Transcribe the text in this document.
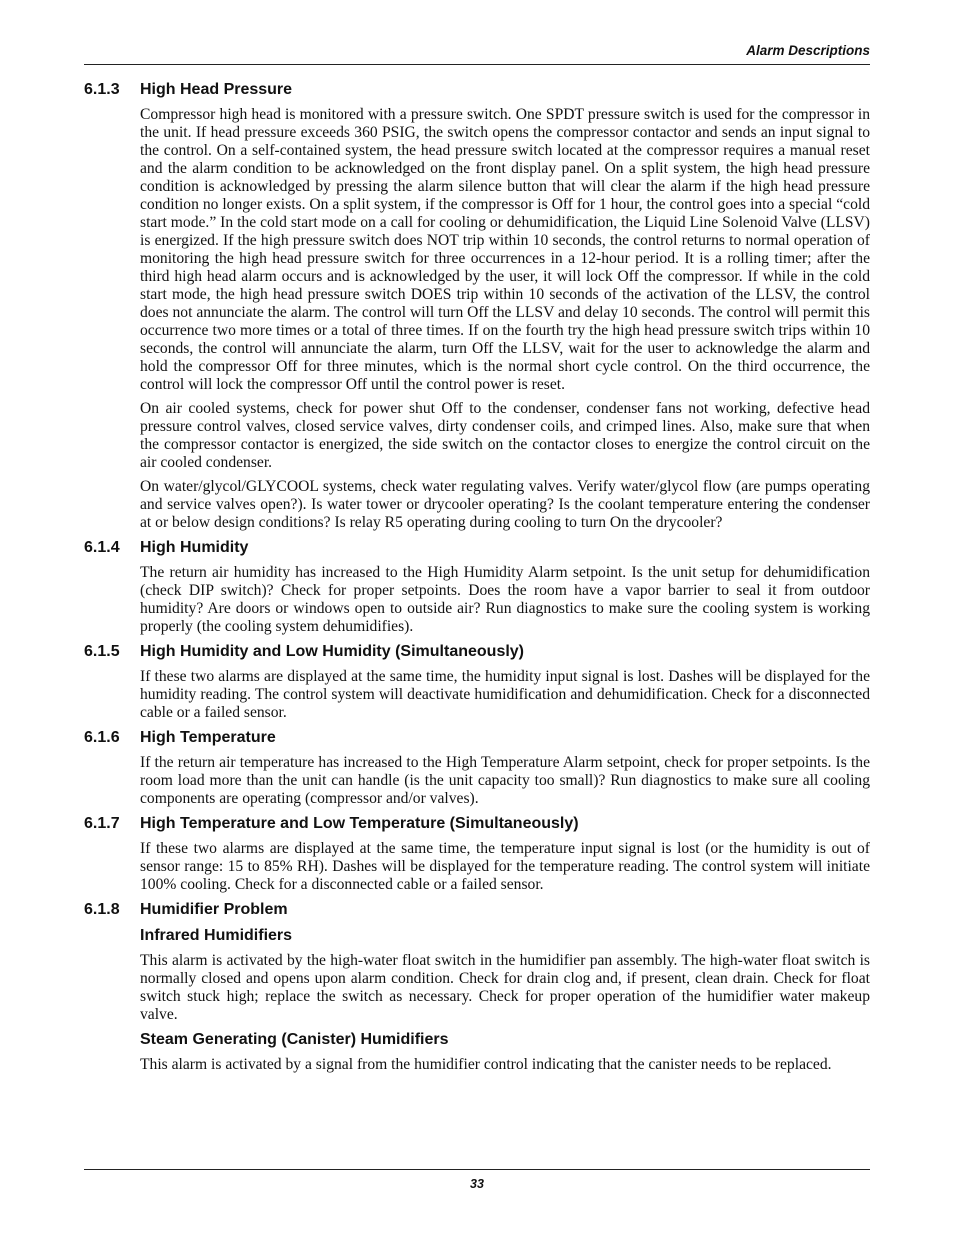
Alarm Descriptions
6.1.3	High Head Pressure

Compressor high head is monitored with a pressure switch. One SPDT pressure switch is used for the compressor in the unit. If head pressure exceeds 360 PSIG, the switch opens the compressor contactor and sends an input signal to the control. On a self-contained system, the head pressure switch located at the compressor requires a manual reset and the alarm condition to be acknowledged on the front display panel. On a split system, the high head pressure condition is acknowledged by pressing the alarm silence button that will clear the alarm if the high head pressure condition no longer exists. On a split system, if the compressor is Off for 1 hour, the control goes into a special “cold start mode.” In the cold start mode on a call for cooling or dehumidification, the Liquid Line Solenoid Valve (LLSV) is energized. If the high pressure switch does NOT trip within 10 seconds, the control returns to normal operation of monitoring the high head pressure switch for three occurrences in a 12-hour period. It is a rolling timer; after the third high head alarm occurs and is acknowledged by the user, it will lock Off the compressor. If while in the cold start mode, the high head pressure switch DOES trip within 10 seconds of the activation of the LLSV, the control does not annunciate the alarm. The control will turn Off the LLSV and delay 10 seconds. The control will permit this occurrence two more times or a total of three times. If on the fourth try the high head pressure switch trips within 10 seconds, the control will annunciate the alarm, turn Off the LLSV, wait for the user to acknowledge the alarm and hold the compressor Off for three minutes, which is the normal short cycle control. On the third occurrence, the control will lock the compressor Off until the control power is reset.

On air cooled systems, check for power shut Off to the condenser, condenser fans not working, defective head pressure control valves, closed service valves, dirty condenser coils, and crimped lines. Also, make sure that when the compressor contactor is energized, the side switch on the contactor closes to energize the control circuit on the air cooled condenser.

On water/glycol/GLYCOOL systems, check water regulating valves. Verify water/glycol flow (are pumps operating and service valves open?). Is water tower or drycooler operating? Is the coolant temperature entering the condenser at or below design conditions? Is relay R5 operating during cooling to turn On the drycooler?

6.1.4	High Humidity

The return air humidity has increased to the High Humidity Alarm setpoint. Is the unit setup for dehumidification (check DIP switch)? Check for proper setpoints. Does the room have a vapor barrier to seal it from outdoor humidity? Are doors or windows open to outside air? Run diagnostics to make sure the cooling system is working properly (the cooling system dehumidifies).

6.1.5	High Humidity and Low Humidity (Simultaneously)

If these two alarms are displayed at the same time, the humidity input signal is lost. Dashes will be displayed for the humidity reading. The control system will deactivate humidification and dehumidification. Check for a disconnected cable or a failed sensor.

6.1.6	High Temperature

If the return air temperature has increased to the High Temperature Alarm setpoint, check for proper setpoints. Is the room load more than the unit can handle (is the unit capacity too small)? Run diagnostics to make sure all cooling components are operating (compressor and/or valves).

6.1.7	High Temperature and Low Temperature (Simultaneously)

If these two alarms are displayed at the same time, the temperature input signal is lost (or the humidity is out of sensor range: 15 to 85% RH). Dashes will be displayed for the temperature reading. The control system will initiate 100% cooling. Check for a disconnected cable or a failed sensor.

6.1.8	Humidifier Problem
Infrared Humidifiers

This alarm is activated by the high-water float switch in the humidifier pan assembly. The high-water float switch is normally closed and opens upon alarm condition. Check for drain clog and, if present, clean drain. Check for float switch stuck high; replace the switch as necessary. Check for proper operation of the humidifier water makeup valve.

Steam Generating (Canister) Humidifiers

This alarm is activated by a signal from the humidifier control indicating that the canister needs to be replaced.

33
